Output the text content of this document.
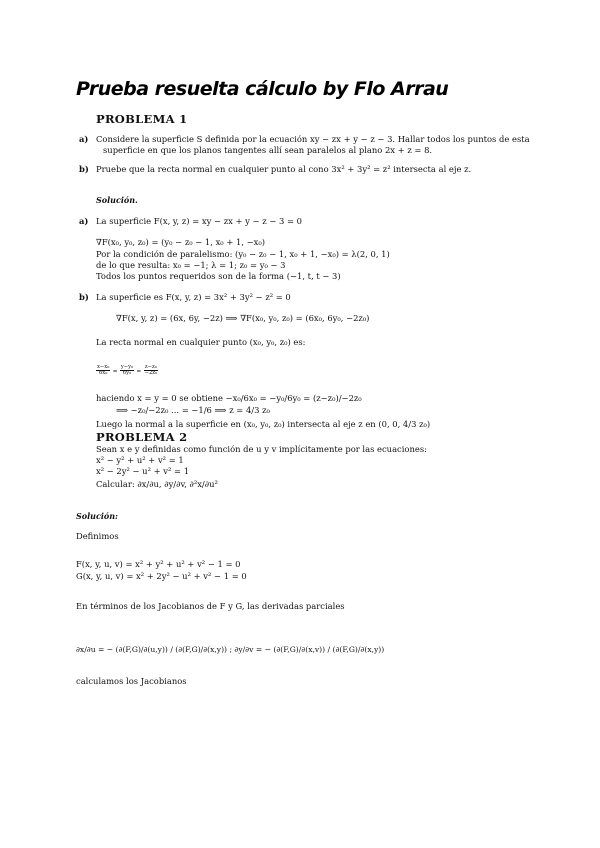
Prueba resuelta cálculo by Flo Arrau
PROBLEMA 1
a) Considere la superficie S definida por la ecuación xy − zx + y − z − 3. Hallar todos los puntos de esta
superficie en que los planos tangentes allí sean paralelos al plano 2x + z = 8.
b) Pruebe que la recta normal en cualquier punto al cono 3x² + 3y² = z² intersecta al eje z.
Solución.
a) La superficie F(x, y, z) = xy − zx + y − z − 3 = 0
∇F(x₀, y₀, z₀) = (y₀ − z₀ − 1, x₀ + 1, −x₀)
Por la condición de paralelismo: (y₀ − z₀ − 1, x₀ + 1, −x₀) = λ(2, 0, 1)
de lo que resulta: x₀ = −1; λ = 1; z₀ = y₀ − 3
Todos los puntos requeridos son de la forma (−1, t, t − 3)
b) La superficie es F(x, y, z) = 3x² + 3y² − z² = 0
∇F(x, y, z) = (6x, 6y, −2z) ⟹ ∇F(x₀, y₀, z₀) = (6x₀, 6y₀, −2z₀)
La recta normal en cualquier punto (x₀, y₀, z₀) es:
$\frac{\text{x−x₀}}{\text{6x₀}} = \frac{\text{y−y₀}}{\text{6y₀}} = \frac{\text{z−z₀}}{\text{−2z₀}}$
haciendo x = y = 0 se obtiene −x₀/6x₀ = −y₀/6y₀ = (z−z₀)/−2z₀
⟹ −z₀/−2z₀ ... = −1/6 ⟹ z = 4/3 z₀
Luego la normal a la superficie en (x₀, y₀, z₀) intersecta al eje z en (0, 0, 4/3 z₀)
PROBLEMA 2
Sean x e y definidas como función de u y v implícitamente por las ecuaciones:
x² − y² + u² + v² = 1
x² − 2y² − u² + v² = 1
Calcular: ∂x/∂u, ∂y/∂v, ∂²x/∂u²
Solución:
Definimos
F(x, y, u, v) = x² + y² + u² + v² − 1 = 0
G(x, y, u, v) = x² + 2y² − u² + v² − 1 = 0
En términos de los Jacobianos de F y G, las derivadas parciales
∂x/∂u = − (∂(F,G)/∂(u,y)) / (∂(F,G)/∂(x,y)) ; ∂y/∂v = − (∂(F,G)/∂(x,v)) / (∂(F,G)/∂(x,y))
calculamos los Jacobianos
